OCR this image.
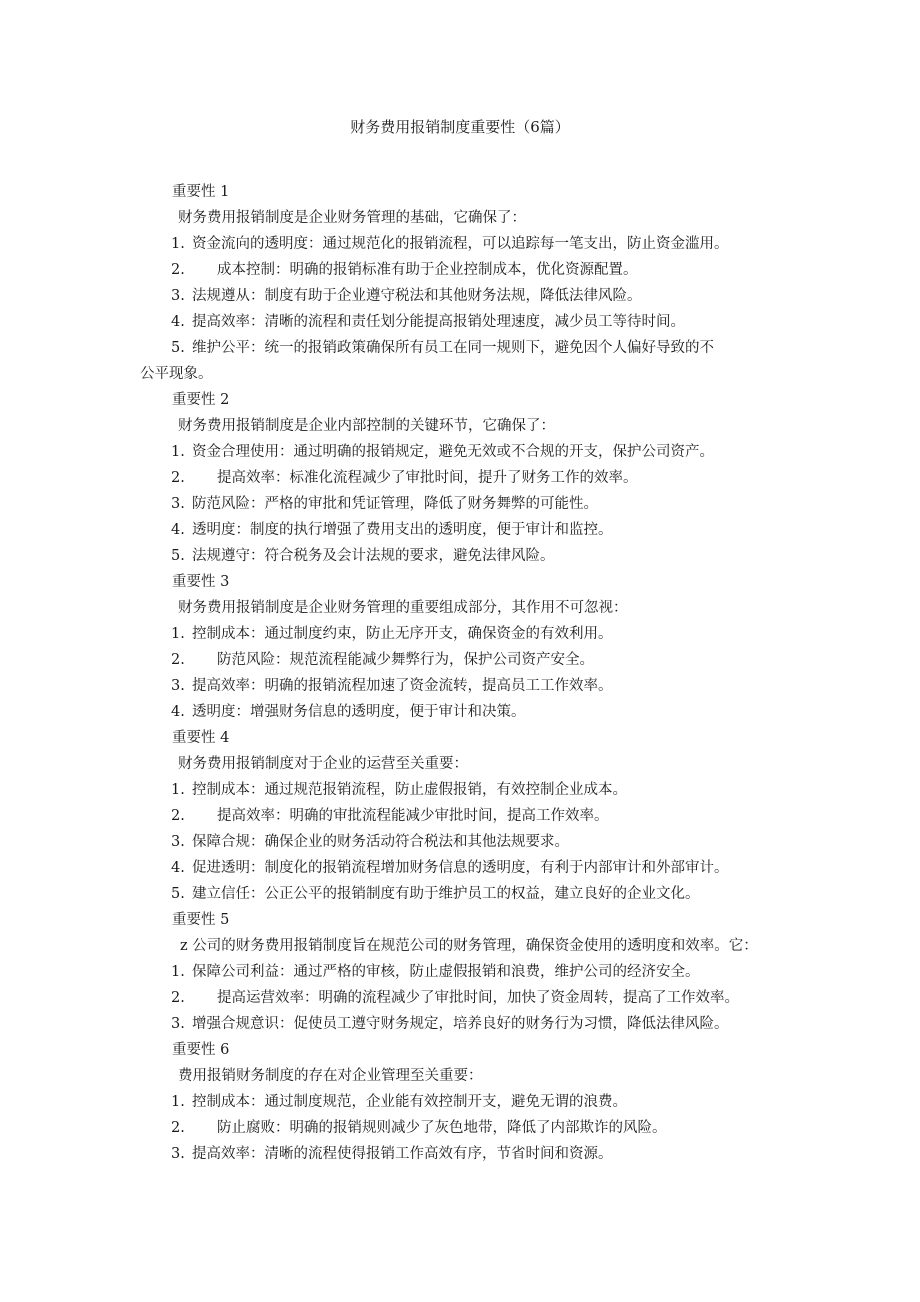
财务费用报销制度重要性（6篇）
重要性 1
财务费用报销制度是企业财务管理的基础，它确保了：
1. 资金流向的透明度：通过规范化的报销流程，可以追踪每一笔支出，防止资金滥用。
2. 成本控制：明确的报销标准有助于企业控制成本，优化资源配置。
3. 法规遵从：制度有助于企业遵守税法和其他财务法规，降低法律风险。
4. 提高效率：清晰的流程和责任划分能提高报销处理速度，减少员工等待时间。
5. 维护公平：统一的报销政策确保所有员工在同一规则下，避免因个人偏好导致的不
公平现象。
重要性 2
财务费用报销制度是企业内部控制的关键环节，它确保了：
1. 资金合理使用：通过明确的报销规定，避免无效或不合规的开支，保护公司资产。
2. 提高效率：标准化流程减少了审批时间，提升了财务工作的效率。
3. 防范风险：严格的审批和凭证管理，降低了财务舞弊的可能性。
4. 透明度：制度的执行增强了费用支出的透明度，便于审计和监控。
5. 法规遵守：符合税务及会计法规的要求，避免法律风险。
重要性 3
财务费用报销制度是企业财务管理的重要组成部分，其作用不可忽视：
1. 控制成本：通过制度约束，防止无序开支，确保资金的有效利用。
2. 防范风险：规范流程能减少舞弊行为，保护公司资产安全。
3. 提高效率：明确的报销流程加速了资金流转，提高员工工作效率。
4. 透明度：增强财务信息的透明度，便于审计和决策。
重要性 4
财务费用报销制度对于企业的运营至关重要：
1. 控制成本：通过规范报销流程，防止虚假报销，有效控制企业成本。
2. 提高效率：明确的审批流程能减少审批时间，提高工作效率。
3. 保障合规：确保企业的财务活动符合税法和其他法规要求。
4. 促进透明：制度化的报销流程增加财务信息的透明度，有利于内部审计和外部审计。
5. 建立信任：公正公平的报销制度有助于维护员工的权益，建立良好的企业文化。
重要性 5
z 公司的财务费用报销制度旨在规范公司的财务管理，确保资金使用的透明度和效率。它：
1. 保障公司利益：通过严格的审核，防止虚假报销和浪费，维护公司的经济安全。
2. 提高运营效率：明确的流程减少了审批时间，加快了资金周转，提高了工作效率。
3. 增强合规意识：促使员工遵守财务规定，培养良好的财务行为习惯，降低法律风险。
重要性 6
费用报销财务制度的存在对企业管理至关重要：
1. 控制成本：通过制度规范，企业能有效控制开支，避免无谓的浪费。
2. 防止腐败：明确的报销规则减少了灰色地带，降低了内部欺诈的风险。
3. 提高效率：清晰的流程使得报销工作高效有序，节省时间和资源。
